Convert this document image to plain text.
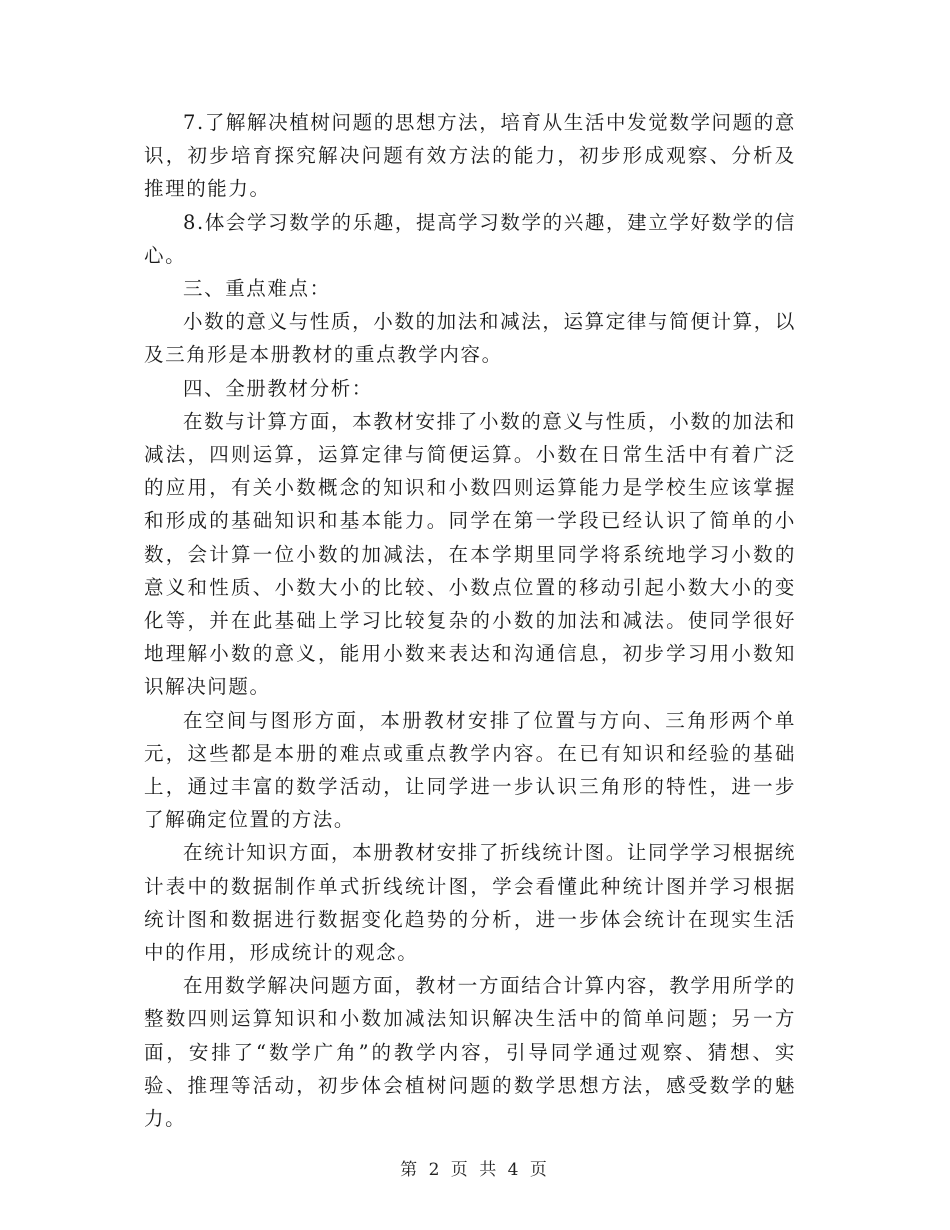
7.了解解决植树问题的思想方法，培育从生活中发觉数学问题的意识，初步培育探究解决问题有效方法的能力，初步形成观察、分析及推理的能力。

8.体会学习数学的乐趣，提高学习数学的兴趣，建立学好数学的信心。

三、重点难点：

小数的意义与性质，小数的加法和减法，运算定律与简便计算，以及三角形是本册教材的重点教学内容。

四、全册教材分析：

在数与计算方面，本教材安排了小数的意义与性质，小数的加法和减法，四则运算，运算定律与简便运算。小数在日常生活中有着广泛的应用，有关小数概念的知识和小数四则运算能力是学校生应该掌握和形成的基础知识和基本能力。同学在第一学段已经认识了简单的小数，会计算一位小数的加减法，在本学期里同学将系统地学习小数的意义和性质、小数大小的比较、小数点位置的移动引起小数大小的变化等，并在此基础上学习比较复杂的小数的加法和减法。使同学很好地理解小数的意义，能用小数来表达和沟通信息，初步学习用小数知识解决问题。

在空间与图形方面，本册教材安排了位置与方向、三角形两个单元，这些都是本册的难点或重点教学内容。在已有知识和经验的基础上，通过丰富的数学活动，让同学进一步认识三角形的特性，进一步了解确定位置的方法。

在统计知识方面，本册教材安排了折线统计图。让同学学习根据统计表中的数据制作单式折线统计图，学会看懂此种统计图并学习根据统计图和数据进行数据变化趋势的分析，进一步体会统计在现实生活中的作用，形成统计的观念。

在用数学解决问题方面，教材一方面结合计算内容，教学用所学的整数四则运算知识和小数加减法知识解决生活中的简单问题；另一方面，安排了“数学广角”的教学内容，引导同学通过观察、猜想、实验、推理等活动，初步体会植树问题的数学思想方法，感受数学的魅力。

第 2 页 共 4 页
